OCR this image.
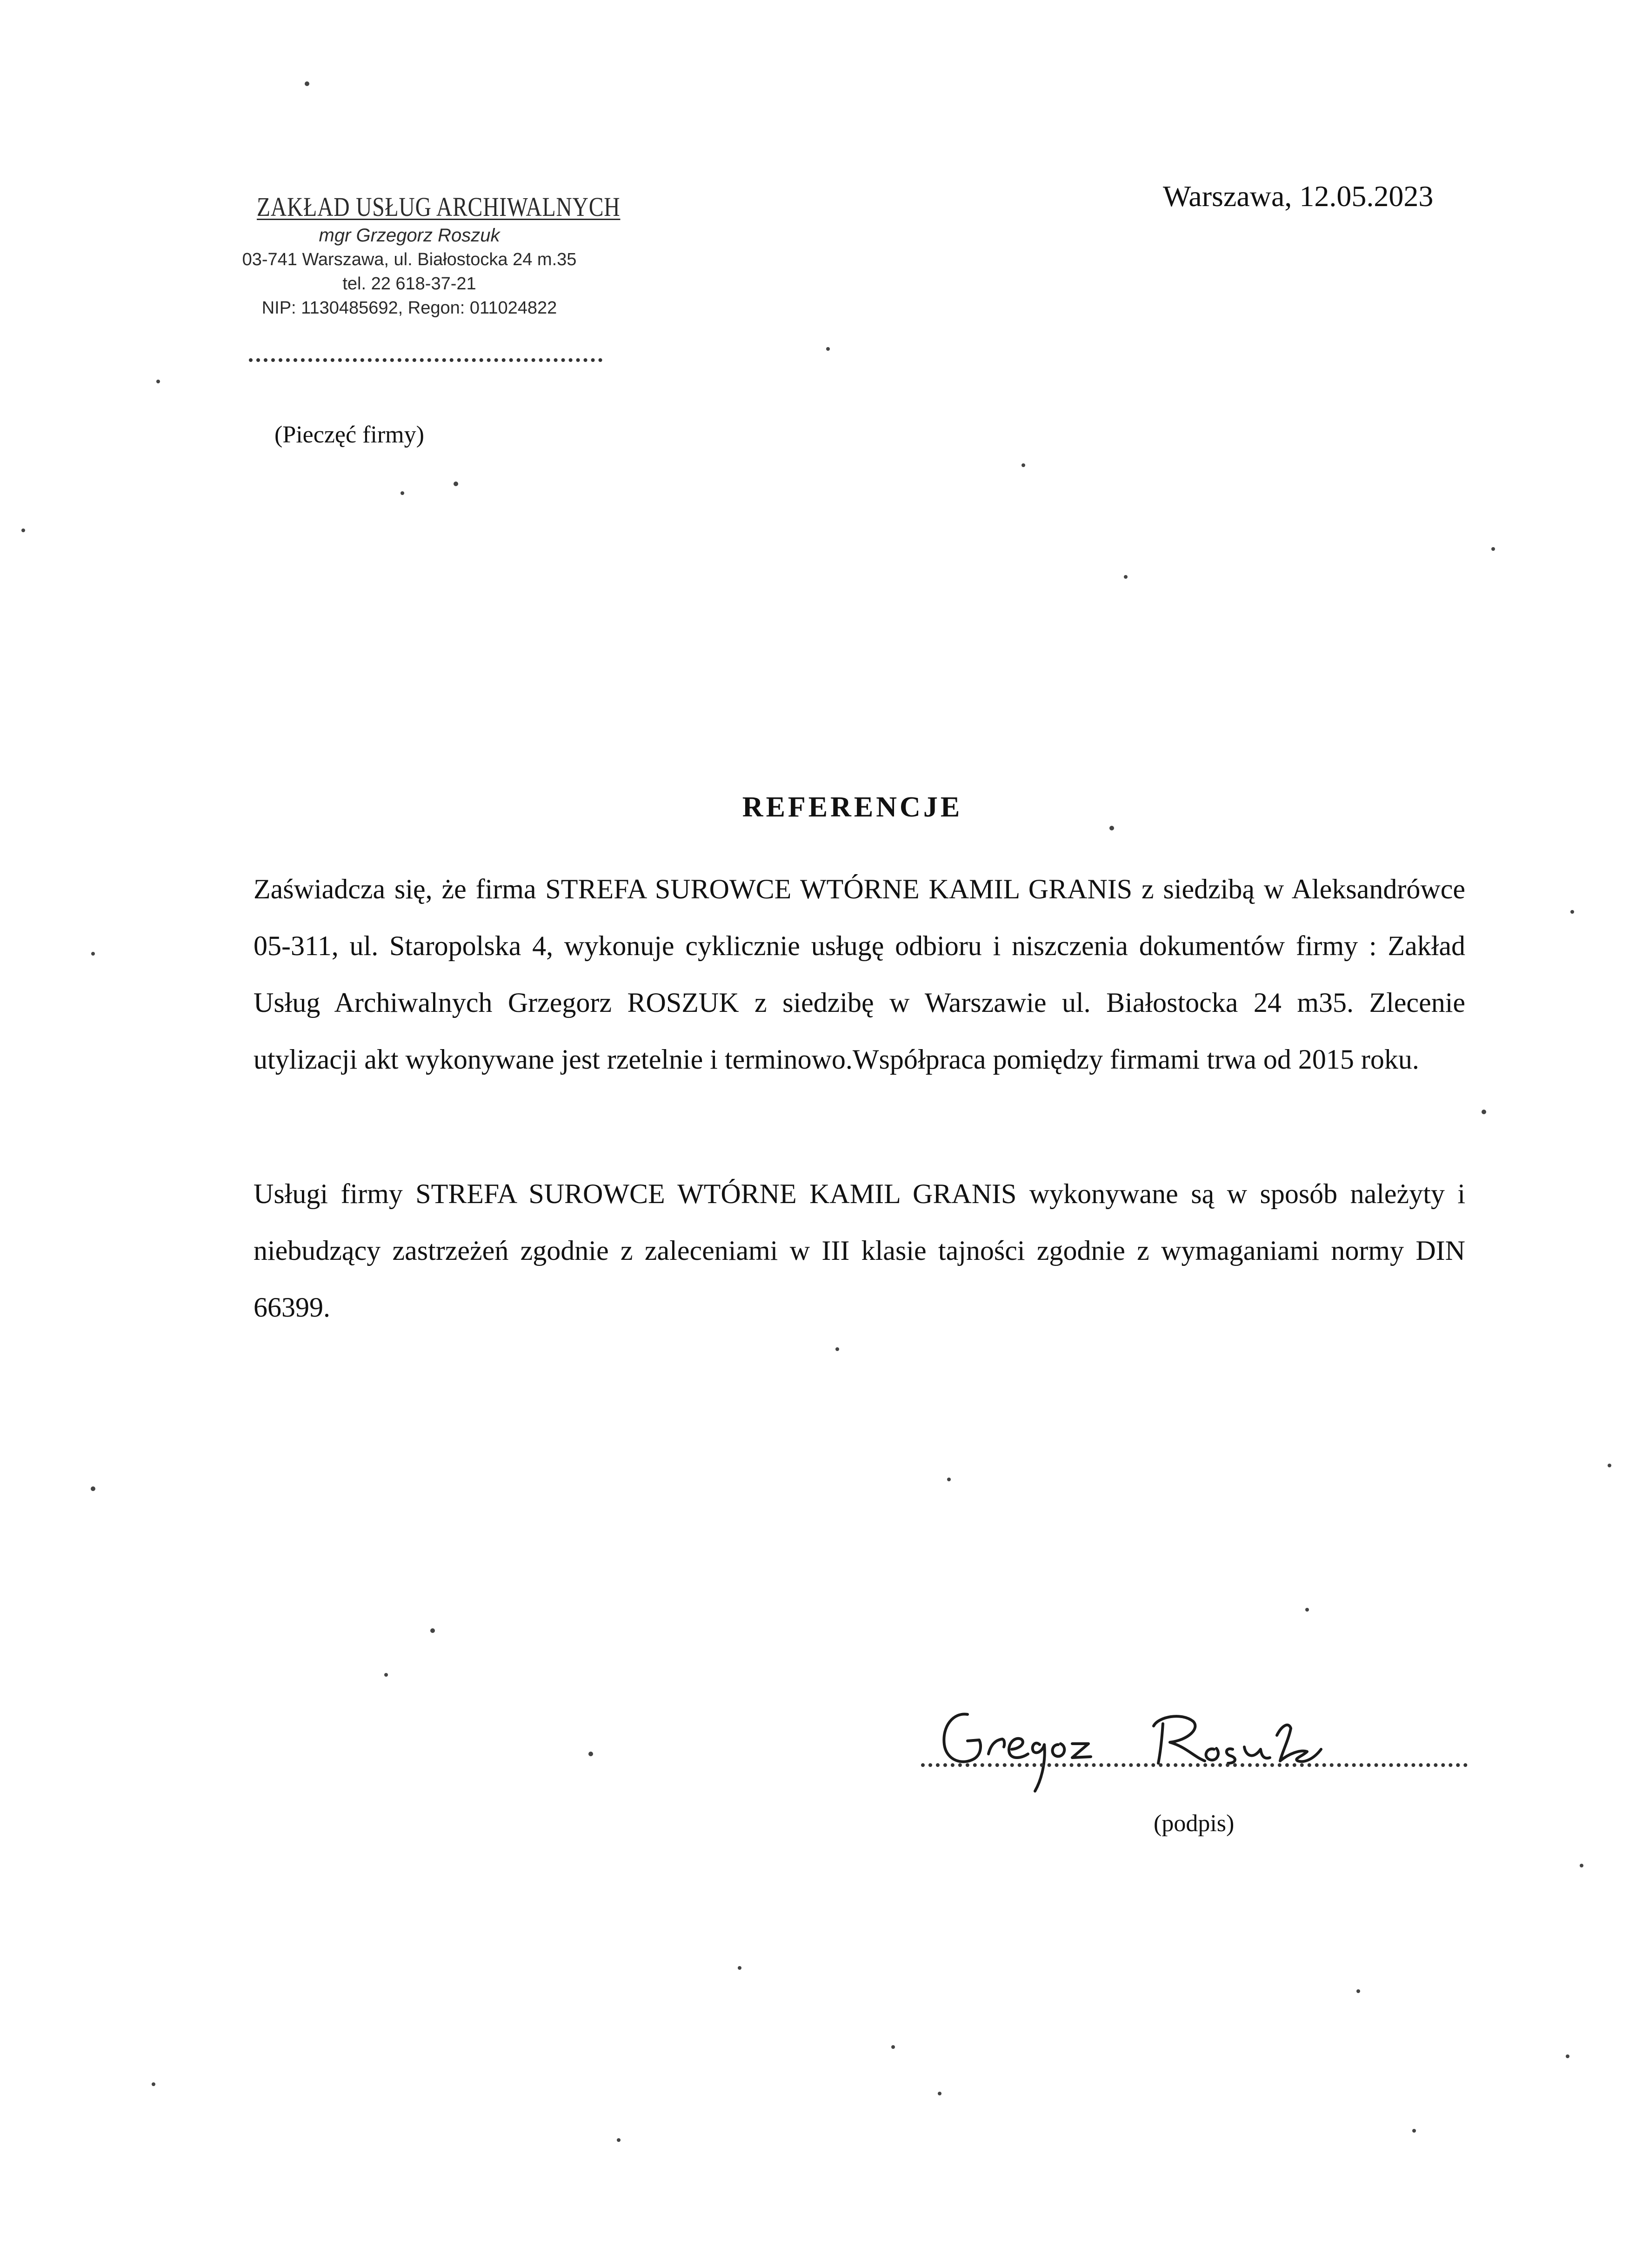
ZAKŁAD USŁUG ARCHIWALNYCH
mgr Grzegorz Roszuk
03-741 Warszawa, ul. Białostocka 24 m.35
tel. 22 618-37-21
NIP: 1130485692, Regon: 011024822
(Pieczęć firmy)
Warszawa, 12.05.2023
REFERENCJE
Zaświadcza się, że firma STREFA SUROWCE WTÓRNE KAMIL GRANIS z siedzibą w Aleksandrówce 05-311, ul. Staropolska 4, wykonuje cyklicznie usługę odbioru i niszczenia dokumentów firmy : Zakład Usług Archiwalnych Grzegorz ROSZUK z siedzibę w Warszawie ul. Białostocka 24 m35. Zlecenie utylizacji akt wykonywane jest rzetelnie i terminowo.Współpraca pomiędzy firmami trwa od 2015 roku.
Usługi firmy STREFA SUROWCE WTÓRNE KAMIL GRANIS wykonywane są w sposób należyty i niebudzący zastrzeżeń zgodnie z zaleceniami w III klasie tajności zgodnie z wymaganiami normy DIN 66399.
(podpis)
